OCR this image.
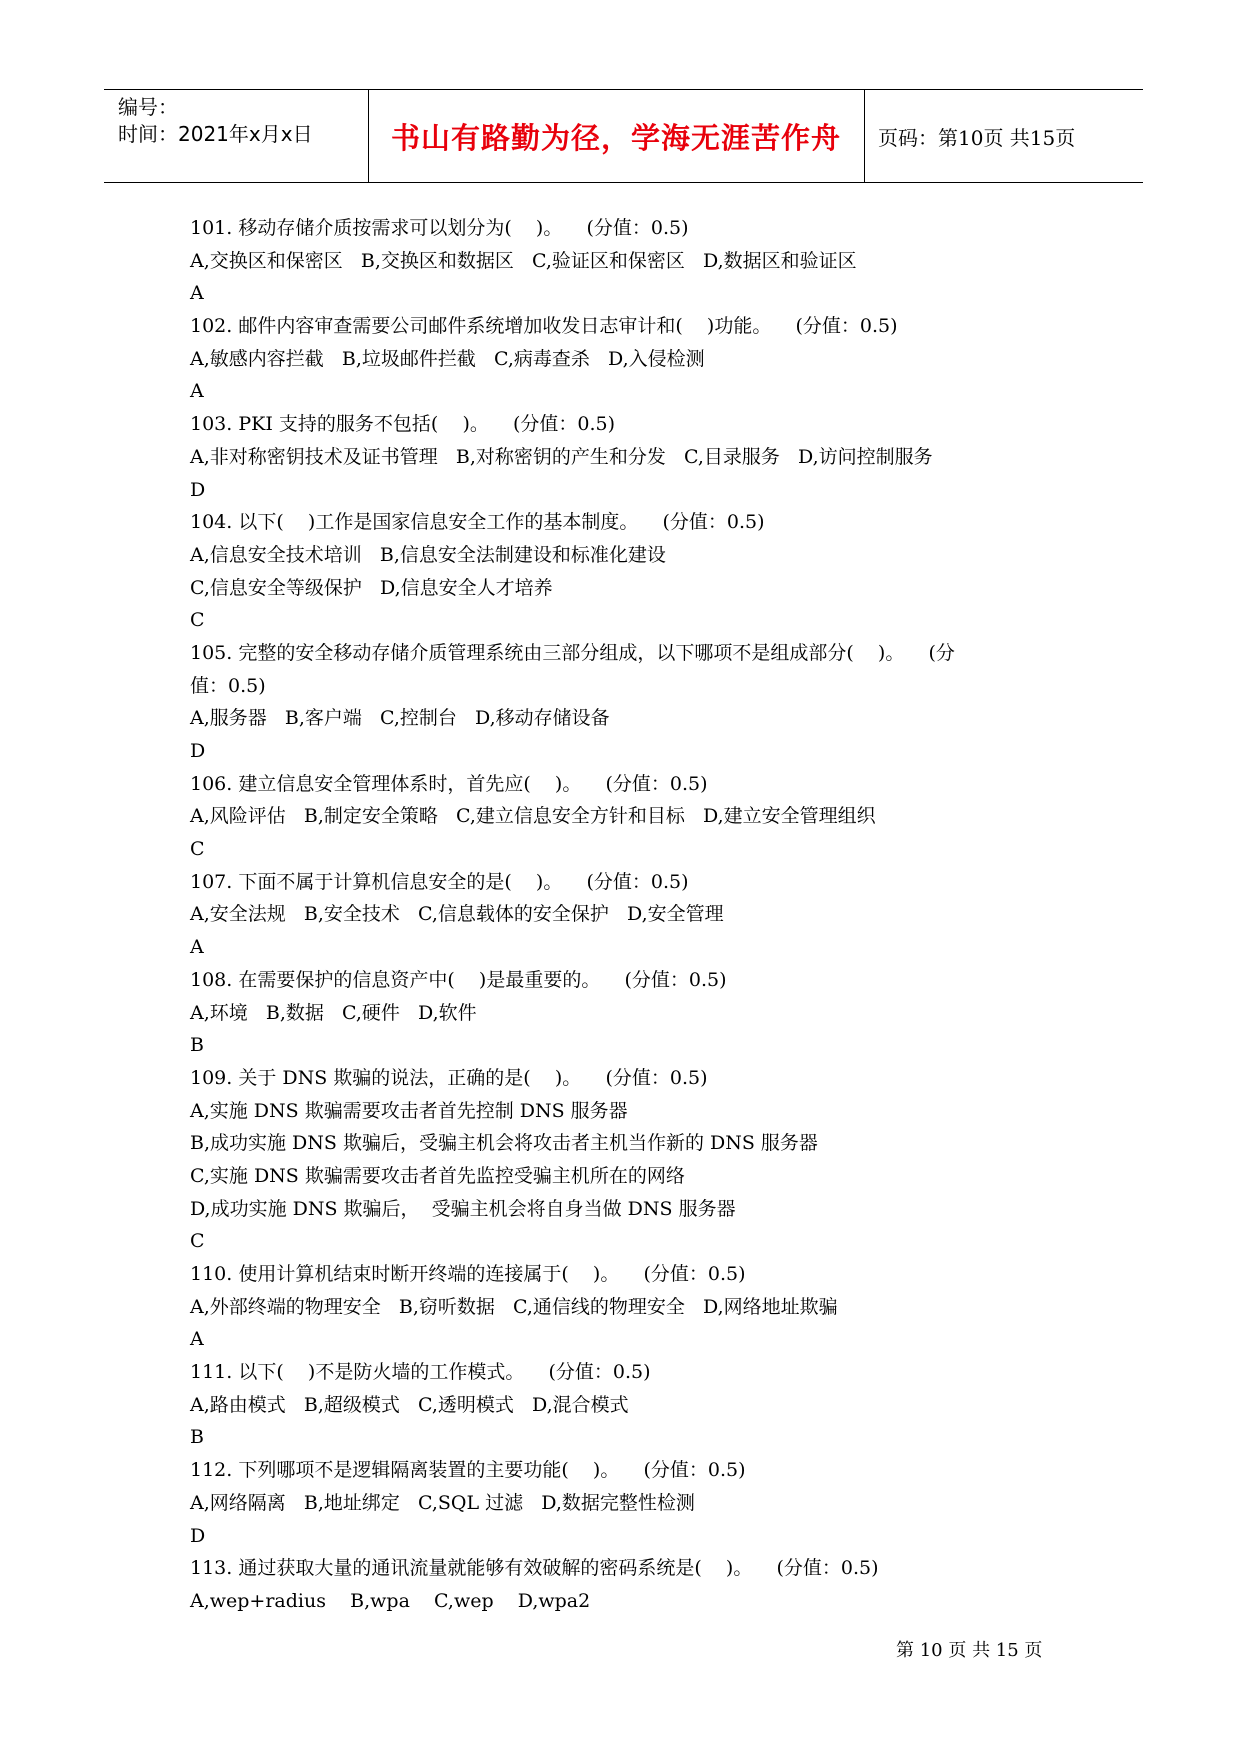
编号：
时间：2021年x月x日	书山有路勤为径，学海无涯苦作舟 页码：第10页 共15页
101. 移动存储介质按需求可以划分为(    )。    (分值：0.5)
A,交换区和保密区   B,交换区和数据区   C,验证区和保密区   D,数据区和验证区
A
102. 邮件内容审查需要公司邮件系统增加收发日志审计和(    )功能。    (分值：0.5)
A,敏感内容拦截   B,垃圾邮件拦截   C,病毒查杀   D,入侵检测
A
103. PKI 支持的服务不包括(    )。    (分值：0.5)
A,非对称密钥技术及证书管理   B,对称密钥的产生和分发   C,目录服务   D,访问控制服务
D
104. 以下(    )工作是国家信息安全工作的基本制度。    (分值：0.5)
A,信息安全技术培训   B,信息安全法制建设和标准化建设
C,信息安全等级保护   D,信息安全人才培养
C
105. 完整的安全移动存储介质管理系统由三部分组成，以下哪项不是组成部分(    )。    (分
值：0.5)
A,服务器   B,客户端   C,控制台   D,移动存储设备
D
106. 建立信息安全管理体系时，首先应(    )。    (分值：0.5)
A,风险评估   B,制定安全策略   C,建立信息安全方针和目标   D,建立安全管理组织
C
107. 下面不属于计算机信息安全的是(    )。    (分值：0.5)
A,安全法规   B,安全技术   C,信息载体的安全保护   D,安全管理
A
108. 在需要保护的信息资产中(    )是最重要的。    (分值：0.5)
A,环境   B,数据   C,硬件   D,软件
B
109. 关于 DNS 欺骗的说法，正确的是(    )。    (分值：0.5)
A,实施 DNS 欺骗需要攻击者首先控制 DNS 服务器
B,成功实施 DNS 欺骗后，受骗主机会将攻击者主机当作新的 DNS 服务器
C,实施 DNS 欺骗需要攻击者首先监控受骗主机所在的网络
D,成功实施 DNS 欺骗后，  受骗主机会将自身当做 DNS 服务器
C
110. 使用计算机结束时断开终端的连接属于(    )。    (分值：0.5)
A,外部终端的物理安全   B,窃听数据   C,通信线的物理安全   D,网络地址欺骗
A
111. 以下(    )不是防火墙的工作模式。    (分值：0.5)
A,路由模式   B,超级模式   C,透明模式   D,混合模式
B
112. 下列哪项不是逻辑隔离装置的主要功能(    )。    (分值：0.5)
A,网络隔离   B,地址绑定   C,SQL 过滤   D,数据完整性检测
D
113. 通过获取大量的通讯流量就能够有效破解的密码系统是(    )。    (分值：0.5)
A,wep+radius    B,wpa    C,wep    D,wpa2
第 10 页 共 15 页
